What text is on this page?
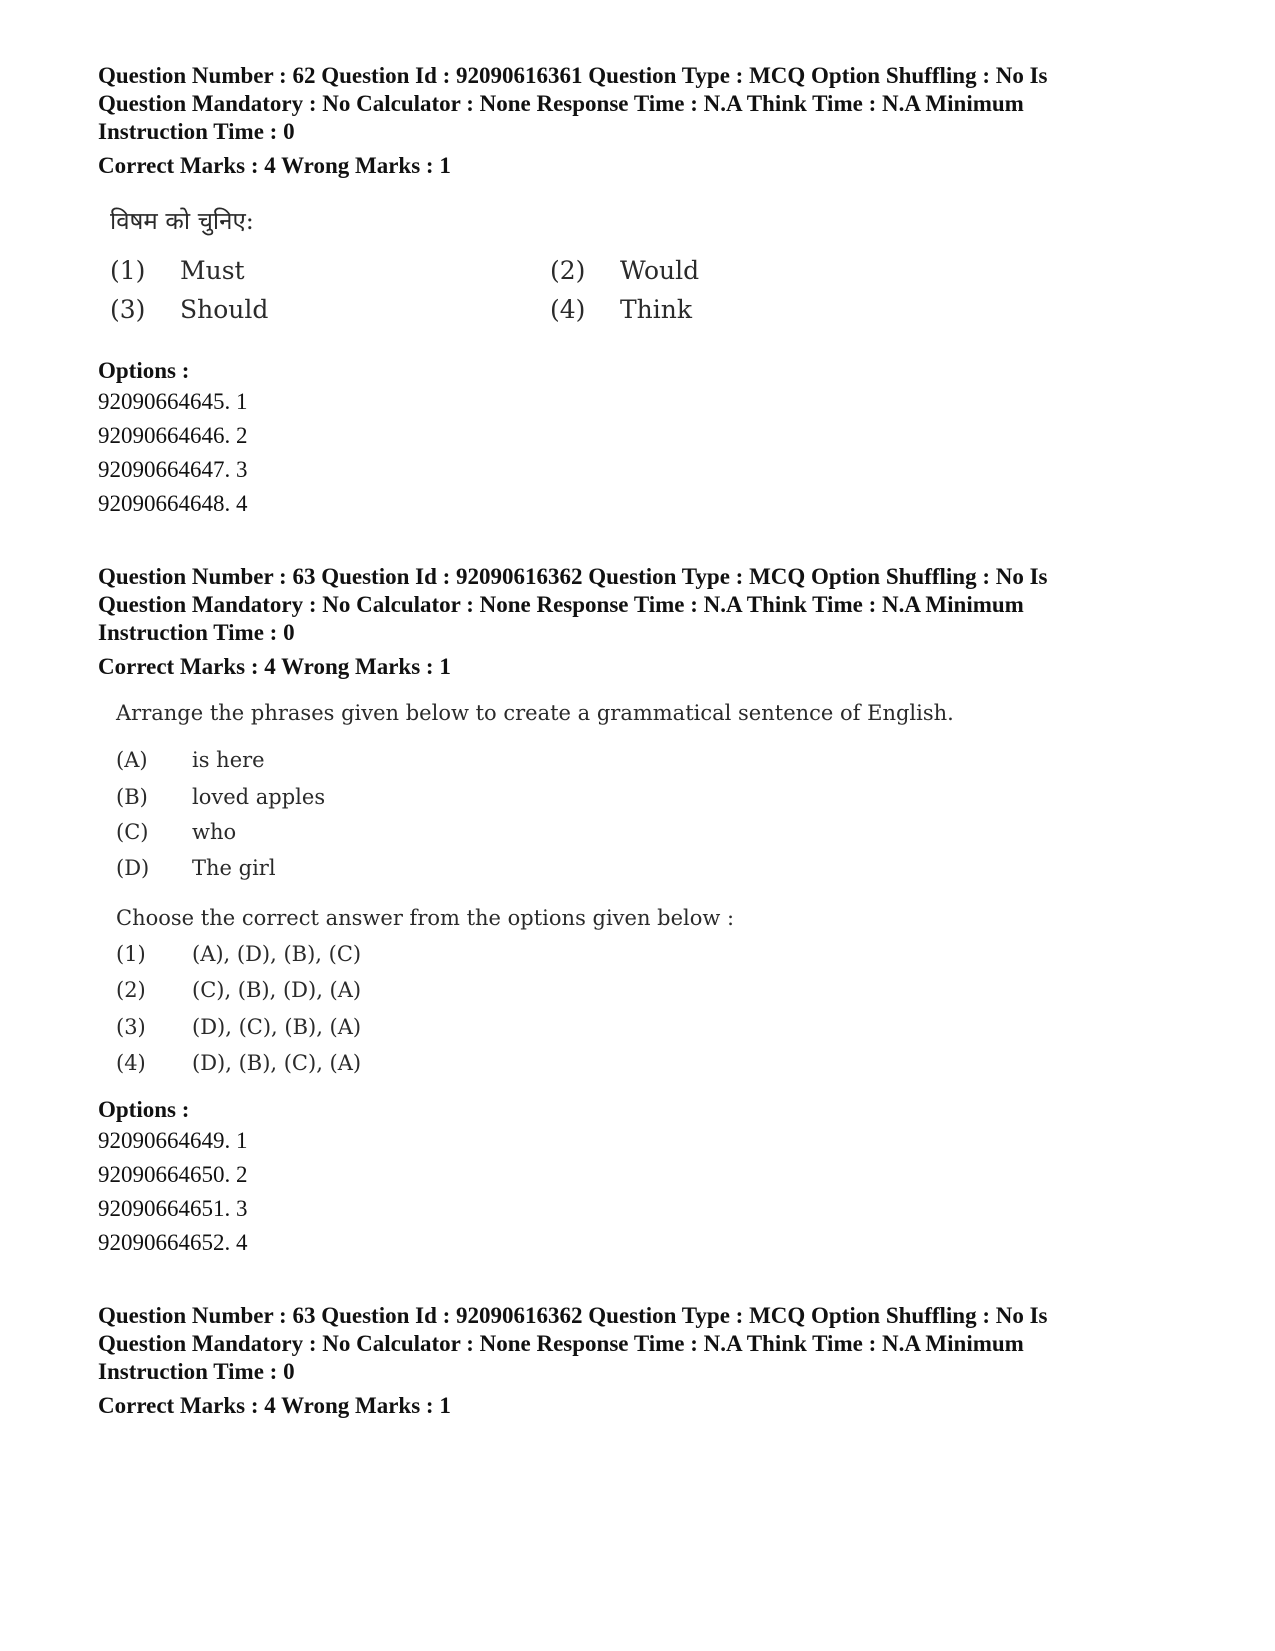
Question Number : 62 Question Id : 92090616361 Question Type : MCQ Option Shuffling : No Is

Question Mandatory : No Calculator : None Response Time : N.A Think Time : N.A Minimum

Instruction Time : 0

Correct Marks : 4 Wrong Marks : 1
विषम को चुनिए:
(1) Must	(2) Would
(3) Should	(4) Think
Options :
92090664645. 1
92090664646. 2
92090664647. 3
92090664648. 4

Question Number : 63 Question Id : 92090616362 Question Type : MCQ Option Shuffling : No Is

Question Mandatory : No Calculator : None Response Time : N.A Think Time : N.A Minimum

Instruction Time : 0

Correct Marks : 4 Wrong Marks : 1
Arrange the phrases given below to create a grammatical sentence of English.
(A) is here
(B) loved apples
(C) who
(D) The girl
Choose the correct answer from the options given below :
(1) (A), (D), (B), (C)
(2) (C), (B), (D), (A)
(3) (D), (C), (B), (A)
(4) (D), (B), (C), (A)
Options :
92090664649. 1
92090664650. 2
92090664651. 3
92090664652. 4

Question Number : 63 Question Id : 92090616362 Question Type : MCQ Option Shuffling : No Is

Question Mandatory : No Calculator : None Response Time : N.A Think Time : N.A Minimum

Instruction Time : 0

Correct Marks : 4 Wrong Marks : 1
